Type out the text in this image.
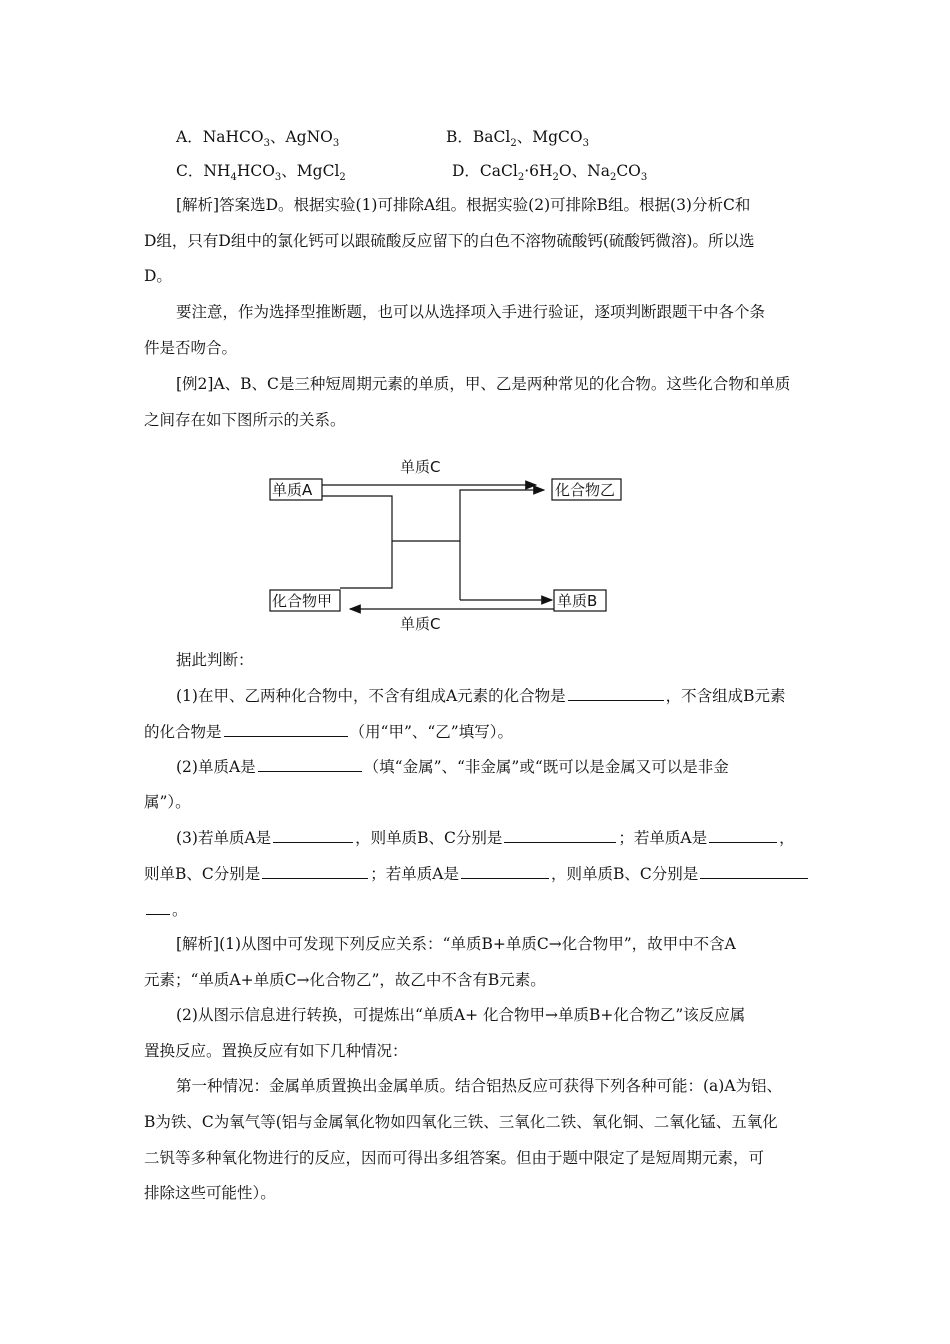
A．NaHCO$_3$、AgNO$_3$	B．BaCl$_2$、MgCO$_3$
C．$NH_4HCO_3$、MgCl$_2$	D．$CaCl_2\cdot 6H_2O$、$Na_2CO_3$
[解析]答案选D。根据实验(1)可排除A组。根据实验(2)可排除B组。根据(3)分析C和
D组，只有D组中的氯化钙可以跟硫酸反应留下的白色不溶物硫酸钙(硫酸钙微溶)。所以选
D。
要注意，作为选择型推断题，也可以从选择项入手进行验证，逐项判断跟题干中各个条
件是否吻合。
[例2]A、B、C是三种短周期元素的单质，甲、乙是两种常见的化合物。这些化合物和单质
之间存在如下图所示的关系。
单质C
单质C
单质A	化合物乙
化合物甲	单质B
据此判断：
(1)在甲、乙两种化合物中，不含有组成A元素的化合物是	，不含组成B元素
的化合物是	（用“甲”、“乙”填写）。
(2)单质A是	（填“金属”、“非金属”或“既可以是金属又可以是非金
属”）。
(3)若单质A是	，则单质B、C分别是	；若单质A是	，
则单B、C分别是	；若单质A是	，则单质B、C分别是
。
[解析](1)从图中可发现下列反应关系：“单质B+单质C→化合物甲”，故甲中不含A
元素；“单质A+单质C→化合物乙”，故乙中不含有B元素。
(2)从图示信息进行转换，可提炼出“单质A+ 化合物甲→单质B+化合物乙”该反应属
置换反应。置换反应有如下几种情况：
第一种情况：金属单质置换出金属单质。结合铝热反应可获得下列各种可能：(a)A为铝、
B为铁、C为氧气等(铝与金属氧化物如四氧化三铁、三氧化二铁、氧化铜、二氧化锰、五氧化
二钒等多种氧化物进行的反应，因而可得出多组答案。但由于题中限定了是短周期元素，可
排除这些可能性）。
